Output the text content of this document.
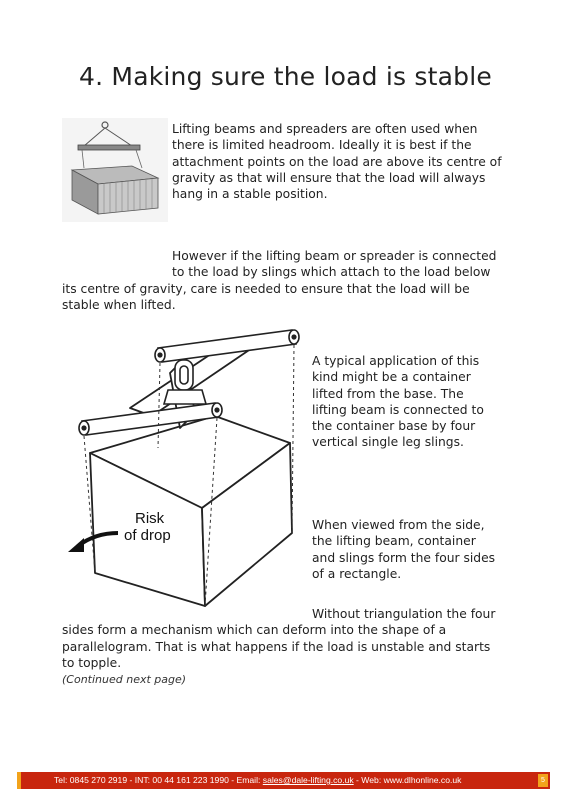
4. Making sure the load is stable
Lifting beams and spreaders are often used when
there is limited headroom. Ideally it is best if the
attachment points on the load are above its centre of
gravity as that will ensure that the load will always
hang in a stable position.
However if the lifting beam or spreader is connected
to the load by slings which attach to the load below
its centre of gravity, care is needed to ensure that the load will be
stable when lifted.
Risk
of drop
A typical application of this
kind might be a container
lifted from the base. The
lifting beam is connected to
the container base by four
vertical single leg slings.
When viewed from the side,
the lifting beam, container
and slings form the four sides
of a rectangle.
Without triangulation the four
sides form a mechanism which can deform into the shape of a
parallelogram. That is what happens if the load is unstable and starts
to topple.
(Continued next page)
Tel: 0845 270 2919 - INT: 00 44 161 223 1990 - Email: sales@dale-lifting.co.uk - Web: www.dlhonline.co.uk	5
